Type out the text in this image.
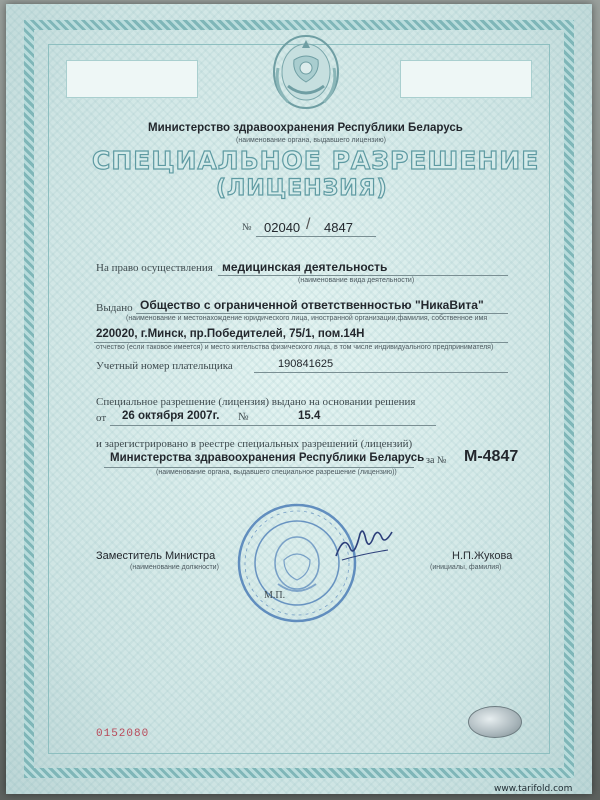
Министерство здравоохранения Республики Беларусь
(наименование органа, выдавшего лицензию)
СПЕЦИАЛЬНОЕ РАЗРЕШЕНИЕ
(ЛИЦЕНЗИЯ)
№ 02040 / 4847
На право осуществления медицинская деятельность
(наименование вида деятельности)
Выдано Общество с ограниченной ответственностью "НикаВита"
(наименование и местонахождение юридического лица, иностранной организации,фамилия, собственное имя
220020, г.Минск, пр.Победителей, 75/1, пом.14Н
отчество (если таковое имеется) и место жительства физического лица, в том числе индивидуального предпринимателя)
Учетный номер плательщика	190841625
Специальное разрешение (лицензия) выдано на основании решения
от 26 октября 2007г. №	15.4
и зарегистрировано в реестре специальных разрешений (лицензий)
Министерства здравоохранения Республики Беларусь за № М-4847
(наименование органа, выдавшего специальное разрешение (лицензию))
Заместитель Министра
(наименование должности)
Н.П.Жукова
(инициалы, фамилия)
М.П.
0152080
www.tarifold.com
